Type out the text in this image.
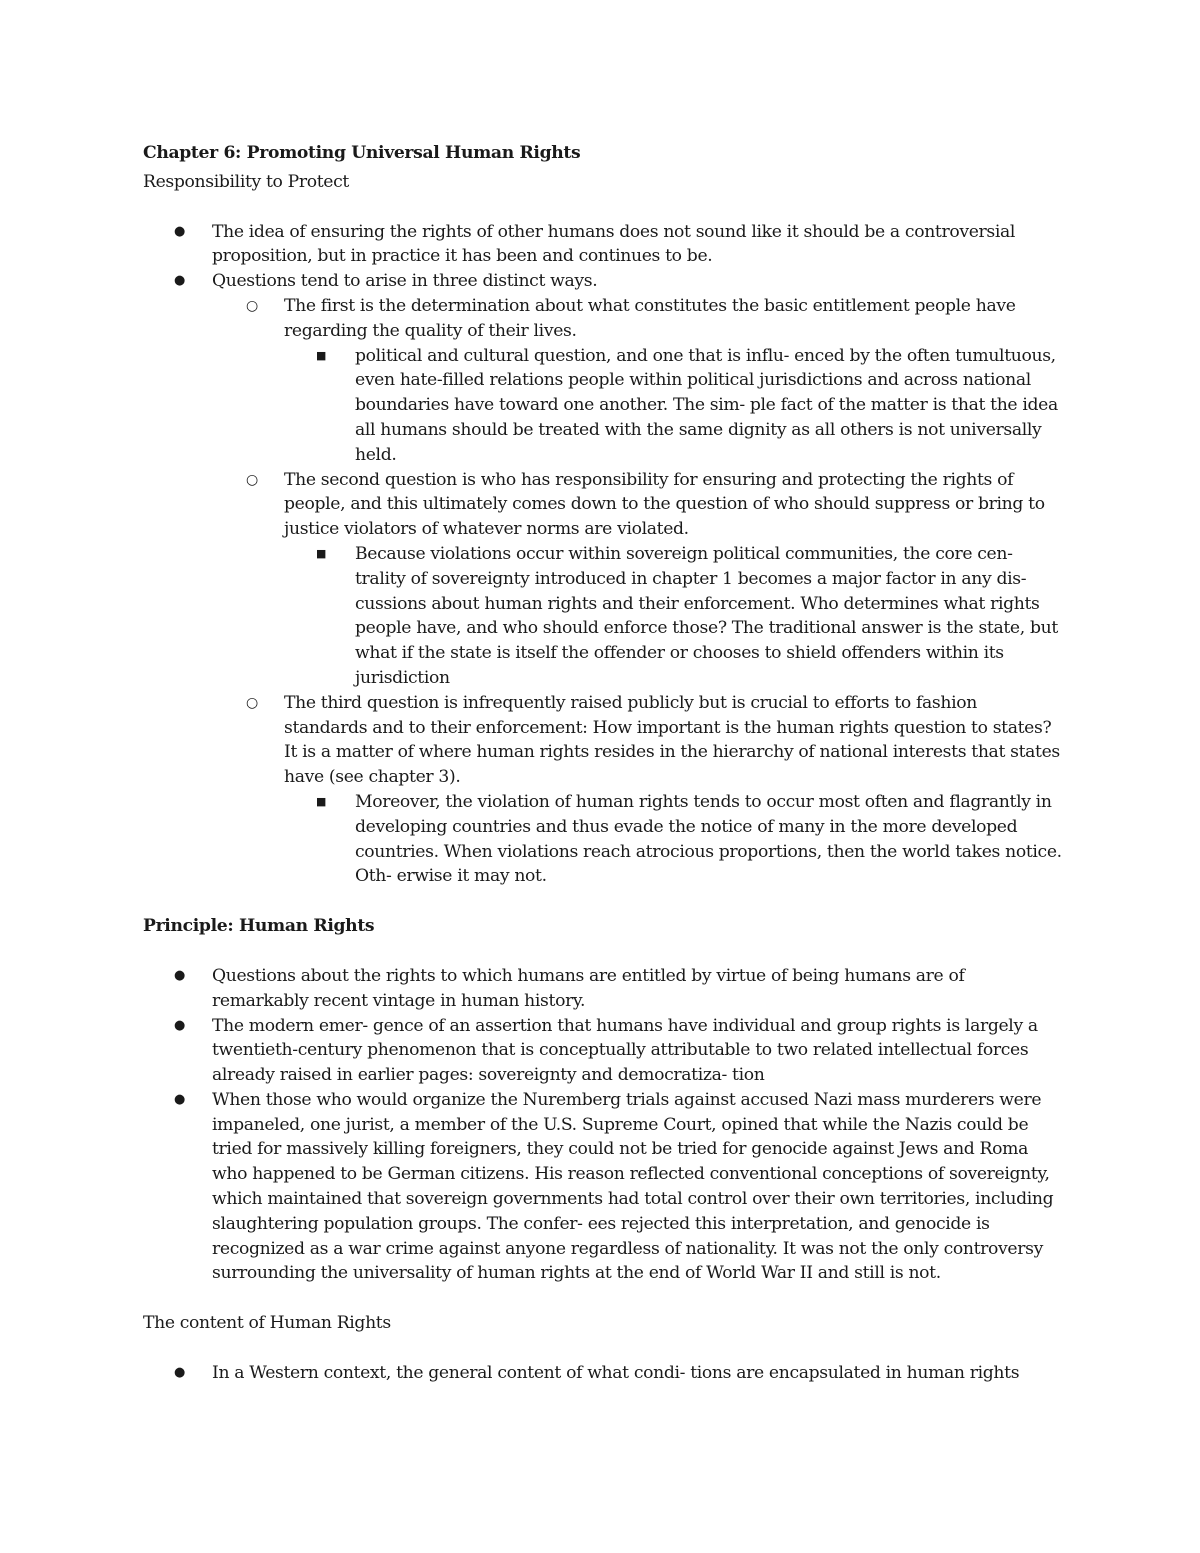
Chapter 6: Promoting Universal Human Rights

Responsibility to Protect

● The idea of ensuring the rights of other humans does not sound like it should be a controversial proposition, but in practice it has been and continues to be.
● Questions tend to arise in three distinct ways.
○ The first is the determination about what constitutes the basic entitlement people have regarding the quality of their lives.
■ political and cultural question, and one that is influ- enced by the often tumultuous, even hate-filled relations people within political jurisdictions and across national boundaries have toward one another. The sim- ple fact of the matter is that the idea all humans should be treated with the same dignity as all others is not universally held.
○ The second question is who has responsibility for ensuring and protecting the rights of people, and this ultimately comes down to the question of who should suppress or bring to justice violators of whatever norms are violated.
■ Because violations occur within sovereign political communities, the core cen- trality of sovereignty introduced in chapter 1 becomes a major factor in any dis- cussions about human rights and their enforcement. Who determines what rights people have, and who should enforce those? The traditional answer is the state, but what if the state is itself the offender or chooses to shield offenders within its jurisdiction
○ The third question is infrequently raised publicly but is crucial to efforts to fashion standards and to their enforcement: How important is the human rights question to states? It is a matter of where human rights resides in the hierarchy of national interests that states have (see chapter 3).
■ Moreover, the violation of human rights tends to occur most often and flagrantly in developing countries and thus evade the notice of many in the more developed countries. When violations reach atrocious proportions, then the world takes notice. Oth- erwise it may not.

Principle: Human Rights

● Questions about the rights to which humans are entitled by virtue of being humans are of remarkably recent vintage in human history.
● The modern emer- gence of an assertion that humans have individual and group rights is largely a twentieth-century phenomenon that is conceptually attributable to two related intellectual forces already raised in earlier pages: sovereignty and democratiza- tion
● When those who would organize the Nuremberg trials against accused Nazi mass murderers were impaneled, one jurist, a member of the U.S. Supreme Court, opined that while the Nazis could be tried for massively killing foreigners, they could not be tried for genocide against Jews and Roma who happened to be German citizens. His reason reflected conventional conceptions of sovereignty, which maintained that sovereign governments had total control over their own territories, including slaughtering population groups. The confer- ees rejected this interpretation, and genocide is recognized as a war crime against anyone regardless of nationality. It was not the only controversy surrounding the universality of human rights at the end of World War II and still is not.

The content of Human Rights

● In a Western context, the general content of what condi- tions are encapsulated in human rights
